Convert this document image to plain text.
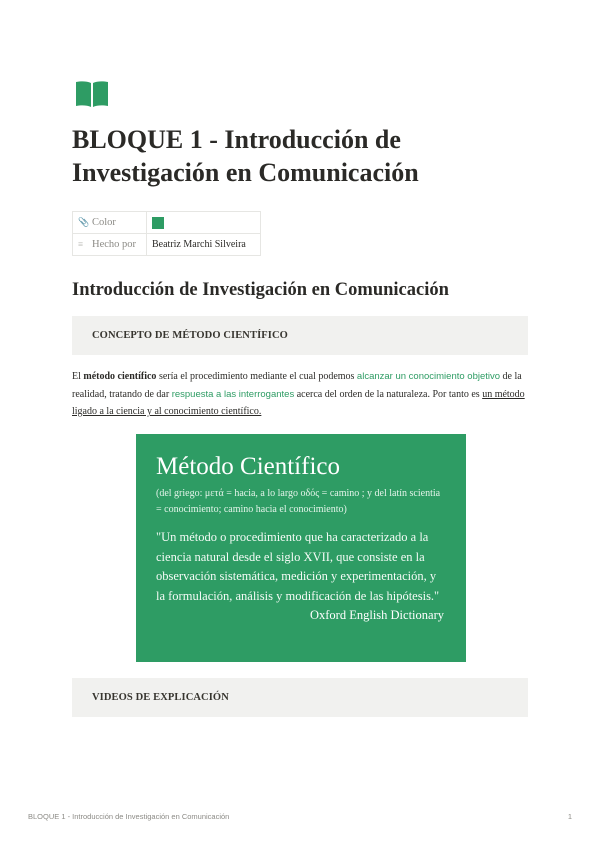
BLOQUE 1 - Introducción de Investigación en Comunicación
📎 Color	
≡ Hecho por	Beatriz Marchi Silveira
Introducción de Investigación en Comunicación
CONCEPTO DE MÉTODO CIENTÍFICO

El método científico sería el procedimiento mediante el cual podemos alcanzar un conocimiento objetivo de la realidad, tratando de dar respuesta a las interrogantes acerca del orden de la naturaleza. Por tanto es un método ligado a la ciencia y al conocimiento científico.

Método Científico
(del griego: μετά = hacia, a lo largo οδός = camino ; y del latín scientia = conocimiento; camino hacia el conocimiento)
"Un método o procedimiento que ha caracterizado a la ciencia natural desde el siglo XVII, que consiste en la observación sistemática, medición y experimentación, y la formulación, análisis y modificación de las hipótesis."
Oxford English Dictionary
VIDEOS DE EXPLICACIÓN
BLOQUE 1 - Introducción de Investigación en Comunicación	1
